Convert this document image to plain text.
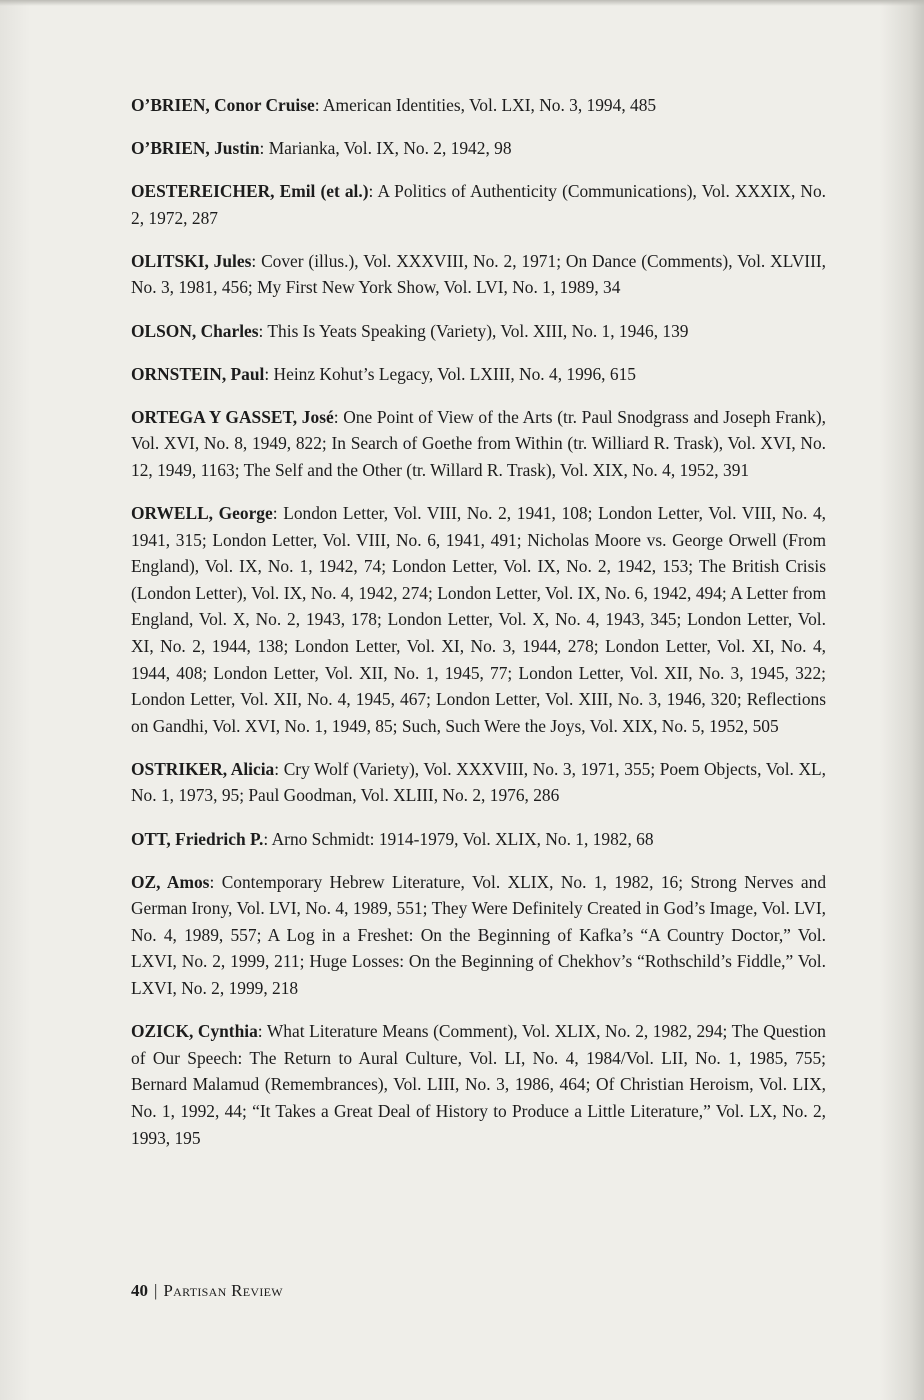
O’BRIEN, Conor Cruise: American Identities, Vol. LXI, No. 3, 1994, 485

O’BRIEN, Justin: Marianka, Vol. IX, No. 2, 1942, 98

OESTEREICHER, Emil (et al.): A Politics of Authenticity (Communications), Vol. XXXIX, No. 2, 1972, 287

OLITSKI, Jules: Cover (illus.), Vol. XXXVIII, No. 2, 1971; On Dance (Comments), Vol. XLVIII, No. 3, 1981, 456; My First New York Show, Vol. LVI, No. 1, 1989, 34

OLSON, Charles: This Is Yeats Speaking (Variety), Vol. XIII, No. 1, 1946, 139

ORNSTEIN, Paul: Heinz Kohut’s Legacy, Vol. LXIII, No. 4, 1996, 615

ORTEGA Y GASSET, José: One Point of View of the Arts (tr. Paul Snodgrass and Joseph Frank), Vol. XVI, No. 8, 1949, 822; In Search of Goethe from Within (tr. Williard R. Trask), Vol. XVI, No. 12, 1949, 1163; The Self and the Other (tr. Willard R. Trask), Vol. XIX, No. 4, 1952, 391

ORWELL, George: London Letter, Vol. VIII, No. 2, 1941, 108; London Letter, Vol. VIII, No. 4, 1941, 315; London Letter, Vol. VIII, No. 6, 1941, 491; Nicholas Moore vs. George Orwell (From England), Vol. IX, No. 1, 1942, 74; London Letter, Vol. IX, No. 2, 1942, 153; The British Crisis (London Letter), Vol. IX, No. 4, 1942, 274; London Letter, Vol. IX, No. 6, 1942, 494; A Letter from England, Vol. X, No. 2, 1943, 178; London Letter, Vol. X, No. 4, 1943, 345; London Letter, Vol. XI, No. 2, 1944, 138; London Letter, Vol. XI, No. 3, 1944, 278; London Letter, Vol. XI, No. 4, 1944, 408; London Letter, Vol. XII, No. 1, 1945, 77; London Letter, Vol. XII, No. 3, 1945, 322; London Letter, Vol. XII, No. 4, 1945, 467; London Letter, Vol. XIII, No. 3, 1946, 320; Reflections on Gandhi, Vol. XVI, No. 1, 1949, 85; Such, Such Were the Joys, Vol. XIX, No. 5, 1952, 505

OSTRIKER, Alicia: Cry Wolf (Variety), Vol. XXXVIII, No. 3, 1971, 355; Poem Objects, Vol. XL, No. 1, 1973, 95; Paul Goodman, Vol. XLIII, No. 2, 1976, 286

OTT, Friedrich P.: Arno Schmidt: 1914-1979, Vol. XLIX, No. 1, 1982, 68

OZ, Amos: Contemporary Hebrew Literature, Vol. XLIX, No. 1, 1982, 16; Strong Nerves and German Irony, Vol. LVI, No. 4, 1989, 551; They Were Definitely Created in God’s Image, Vol. LVI, No. 4, 1989, 557; A Log in a Freshet: On the Beginning of Kafka’s “A Country Doctor,” Vol. LXVI, No. 2, 1999, 211; Huge Losses: On the Beginning of Chekhov’s “Rothschild’s Fiddle,” Vol. LXVI, No. 2, 1999, 218

OZICK, Cynthia: What Literature Means (Comment), Vol. XLIX, No. 2, 1982, 294; The Question of Our Speech: The Return to Aural Culture, Vol. LI, No. 4, 1984/Vol. LII, No. 1, 1985, 755; Bernard Malamud (Remembrances), Vol. LIII, No. 3, 1986, 464; Of Christian Heroism, Vol. LIX, No. 1, 1992, 44; “It Takes a Great Deal of History to Produce a Little Literature,” Vol. LX, No. 2, 1993, 195

40 | Partisan Review
